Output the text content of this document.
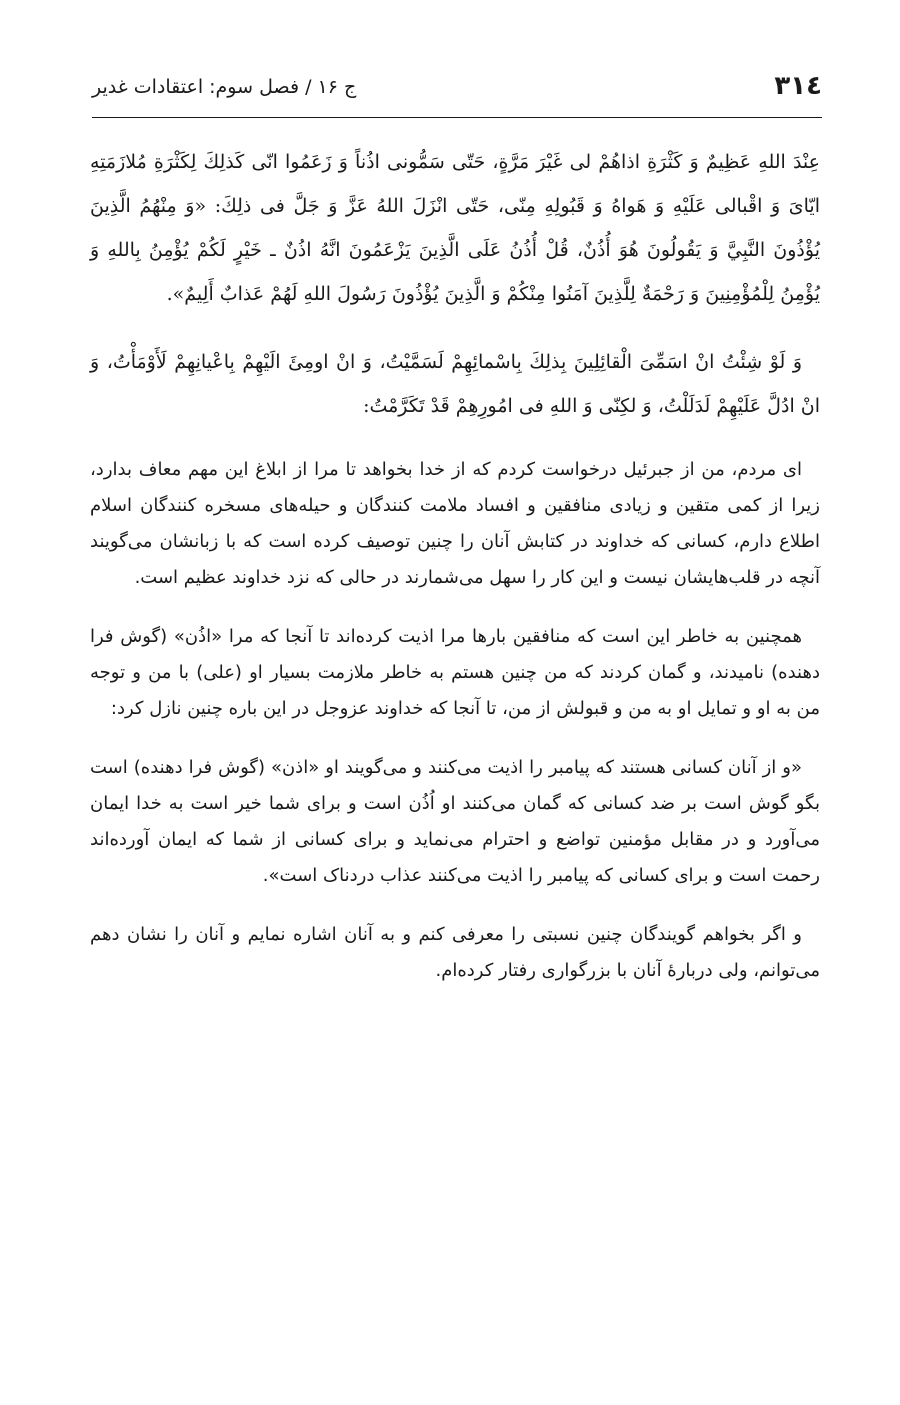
٣١٤
ج ۱۶ / فصل سوم: اعتقادات غدیر

عِنْدَ اللهِ عَظِيمٌ وَ كَثْرَةِ اذاهُمْ لى غَيْرَ مَرَّةٍ، حَتّى سَمُّونى اذُناً وَ زَعَمُوا انّى كَذلِكَ لِكَثْرَةِ مُلازَمَتِهِ ايّاىَ وَ اقْبالى عَلَيْهِ وَ هَواهُ وَ قَبُولِهِ مِنّى، حَتّى انْزَلَ اللهُ عَزَّ وَ جَلَّ فى ذلِكَ: «وَ مِنْهُمُ الَّذِينَ يُؤْذُونَ النَّبِيَّ وَ يَقُولُونَ هُوَ أُذُنٌ، قُلْ أُذُنُ عَلَى الَّذِينَ يَزْعَمُونَ انَّهُ اذُنٌ ـ خَيْرٍ لَكُمْ يُؤْمِنُ بِاللهِ وَ يُؤْمِنُ لِلْمُؤْمِنِينَ وَ رَحْمَةٌ لِلَّذِينَ آمَنُوا مِنْكُمْ وَ الَّذِينَ يُؤْذُونَ رَسُولَ اللهِ لَهُمْ عَذابٌ أَلِيمٌ».

وَ لَوْ شِئْتُ انْ اسَمِّىَ الْقائِلِينَ بِذلِكَ بِاسْمائِهِمْ لَسَمَّيْتُ، وَ انْ اومِئَ الَيْهِمْ بِاعْيانِهِمْ لَأَوْمَأْتُ، وَ انْ ادُلَّ عَلَيْهِمْ لَدَلَلْتُ، وَ لكِنّى وَ اللهِ فى امُورِهِمْ قَدْ تَكَرَّمْتُ:

ای مردم، من از جبرئیل درخواست کردم که از خدا بخواهد تا مرا از ابلاغ این مهم معاف بدارد، زیرا از کمی متقین و زیادی منافقین و افساد ملامت کنندگان و حیله‌های مسخره کنندگان اسلام اطلاع دارم، کسانی که خداوند در کتابش آنان را چنین توصیف کرده است که با زبانشان می‌گویند آنچه در قلب‌هایشان نیست و این کار را سهل می‌شمارند در حالی که نزد خداوند عظیم است.

همچنین به خاطر این است که منافقین بارها مرا اذیت کرده‌اند تا آنجا که مرا «اذُن» (گوش فرا دهنده) نامیدند، و گمان کردند که من چنین هستم به خاطر ملازمت بسیار او (علی) با من و توجه من به او و تمایل او به من و قبولش از من، تا آنجا که خداوند عزوجل در این باره چنین نازل کرد:

«و از آنان کسانی هستند که پیامبر را اذیت می‌کنند و می‌گویند او «اذن» (گوش فرا دهنده) است بگو گوش است بر ضد کسانی که گمان می‌کنند او اُذُن است و برای شما خیر است به خدا ایمان می‌آورد و در مقابل مؤمنین تواضع و احترام می‌نماید و برای کسانی از شما که ایمان آورده‌اند رحمت است و برای کسانی که پیامبر را اذیت می‌کنند عذاب دردناک است».

و اگر بخواهم گویندگان چنین نسبتی را معرفی کنم و به آنان اشاره نمایم و آنان را نشان دهم می‌توانم، ولی دربارهٔ آنان با بزرگواری رفتار کرده‌ام.
